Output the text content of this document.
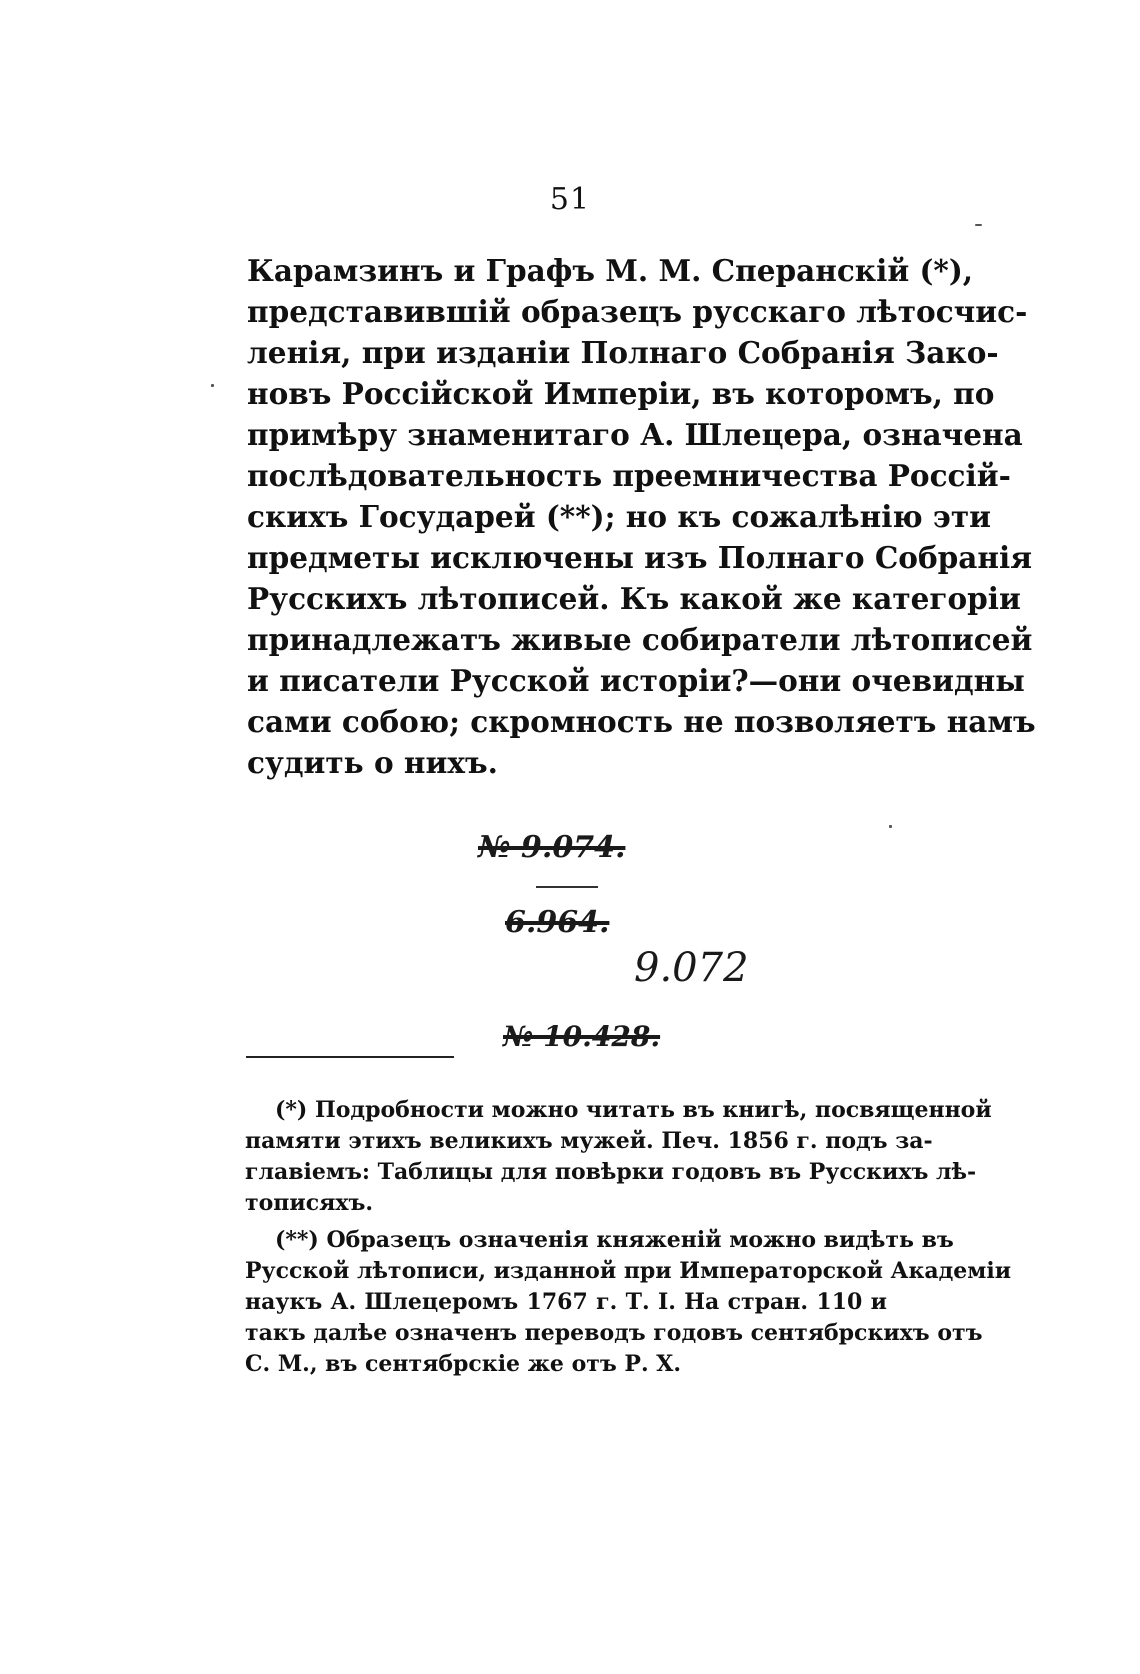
51
Карамзинъ и Графъ М. М. Сперанскій (*),
представившій образецъ русскаго лѣтосчис-
ленія, при изданіи Полнаго Собранія Зако-
новъ Россійской Имперіи, въ которомъ, по
примѣру знаменитаго А. Шлецера, означена
послѣдовательность преемничества Россій-
скихъ Государей (**); но къ сожалѣнію эти
предметы исключены изъ Полнаго Собранія
Русскихъ лѣтописей. Къ какой же категоріи
принадлежатъ живые собиратели лѣтописей
и писатели Русской исторіи?—они очевидны
сами собою; скромность не позволяетъ намъ
судить о нихъ.
№ 9.074.
6.964.
9.072
№ 10.428.
(*) Подробности можно читать въ книгѣ, посвященной
памяти этихъ великихъ мужей. Печ. 1856 г. подъ за-
главіемъ: Таблицы для повѣрки годовъ въ Русскихъ лѣ-
тописяхъ.
(**) Образецъ означенія княженій можно видѣть въ
Русской лѣтописи, изданной при Императорской Академіи
наукъ А. Шлецеромъ 1767 г. Т. I. На стран. 110 и
такъ далѣе означенъ переводъ годовъ сентябрскихъ отъ
С. М., въ сентябрскіе же отъ Р. Х.
